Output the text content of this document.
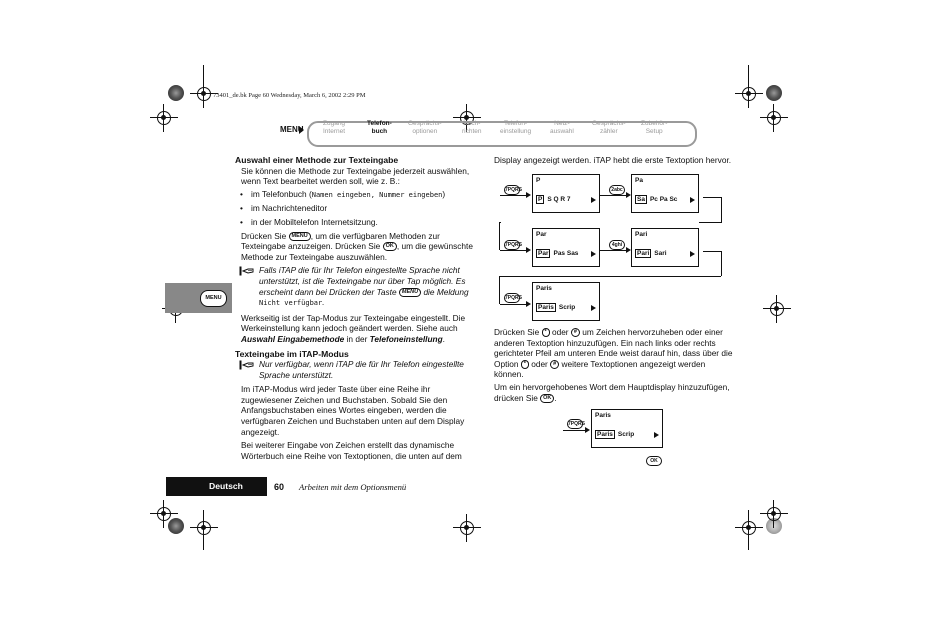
73401_de.bk Page 60 Wednesday, March 6, 2002 2:29 PM
MENU
Zugang
Internet
Telefon-
buch
Gesprächs-
optionen
Nach-
richten
Telefon-
einstellung
Netz-
auswahl
Gesprächs-
zähler
Zubehör-
Setup
MENU
Auswahl einer Methode zur Texteingabe
Sie können die Methode zur Texteingabe jederzeit auswählen, wenn Text bearbeitet werden soll, wie z. B.:
• im Telefonbuch (Namen eingeben, Nummer eingeben)
• im Nachrichteneditor
• in der Mobiltelefon Internetsitzung.
Drücken Sie MENU , um die verfügbaren Methoden zur Texteingabe anzuzeigen. Drücken Sie OK , um die gewünschte Methode zur Texteingabe auszuwählen.
Falls iTAP die für Ihr Telefon eingestellte Sprache nicht unterstützt, ist die Texteingabe nur über Tap möglich. Es erscheint dann bei Drücken der Taste MENU die Meldung Nicht verfügbar.
Werkseitig ist der Tap-Modus zur Texteingabe eingestellt. Die Werkeinstellung kann jedoch geändert werden. Siehe auch Auswahl Eingabemethode in der Telefoneinstellung.
Texteingabe im iTAP-Modus
Nur verfügbar, wenn iTAP die für Ihr Telefon eingestellte Sprache unterstützt.
Im iTAP-Modus wird jeder Taste über eine Reihe ihr zugewiesener Zeichen und Buchstaben. Sobald Sie den Anfangsbuchstaben eines Wortes eingeben, werden die verfügbaren Zeichen und Buchstaben unten auf dem Display angezeigt.
Bei weiterer Eingabe von Zeichen erstellt das dynamische Wörterbuch eine Reihe von Textoptionen, die unten auf dem
Display angezeigt werden. iTAP hebt die erste Textoption hervor.
7PQRS
P
P S Q R 7
2abc
Pa
Sa Pc Pa Sc
7PQRS
Par
Par Pas Sas
4ghi
Pari
Pari Sari
7PQRS
Paris
Paris Scrip
Drücken Sie * oder # um Zeichen hervorzuheben oder einer anderen Textoption hinzuzufügen. Ein nach links oder rechts gerichteter Pfeil am unteren Ende weist darauf hin, dass über die Option * oder # weitere Textoptionen angezeigt werden können.
Um ein hervorgehobenes Wort dem Hauptdisplay hinzuzufügen, drücken Sie OK .
7PQRS
Paris
Paris Scrip
OK
Deutsch	60 Arbeiten mit dem Optionsmenü
